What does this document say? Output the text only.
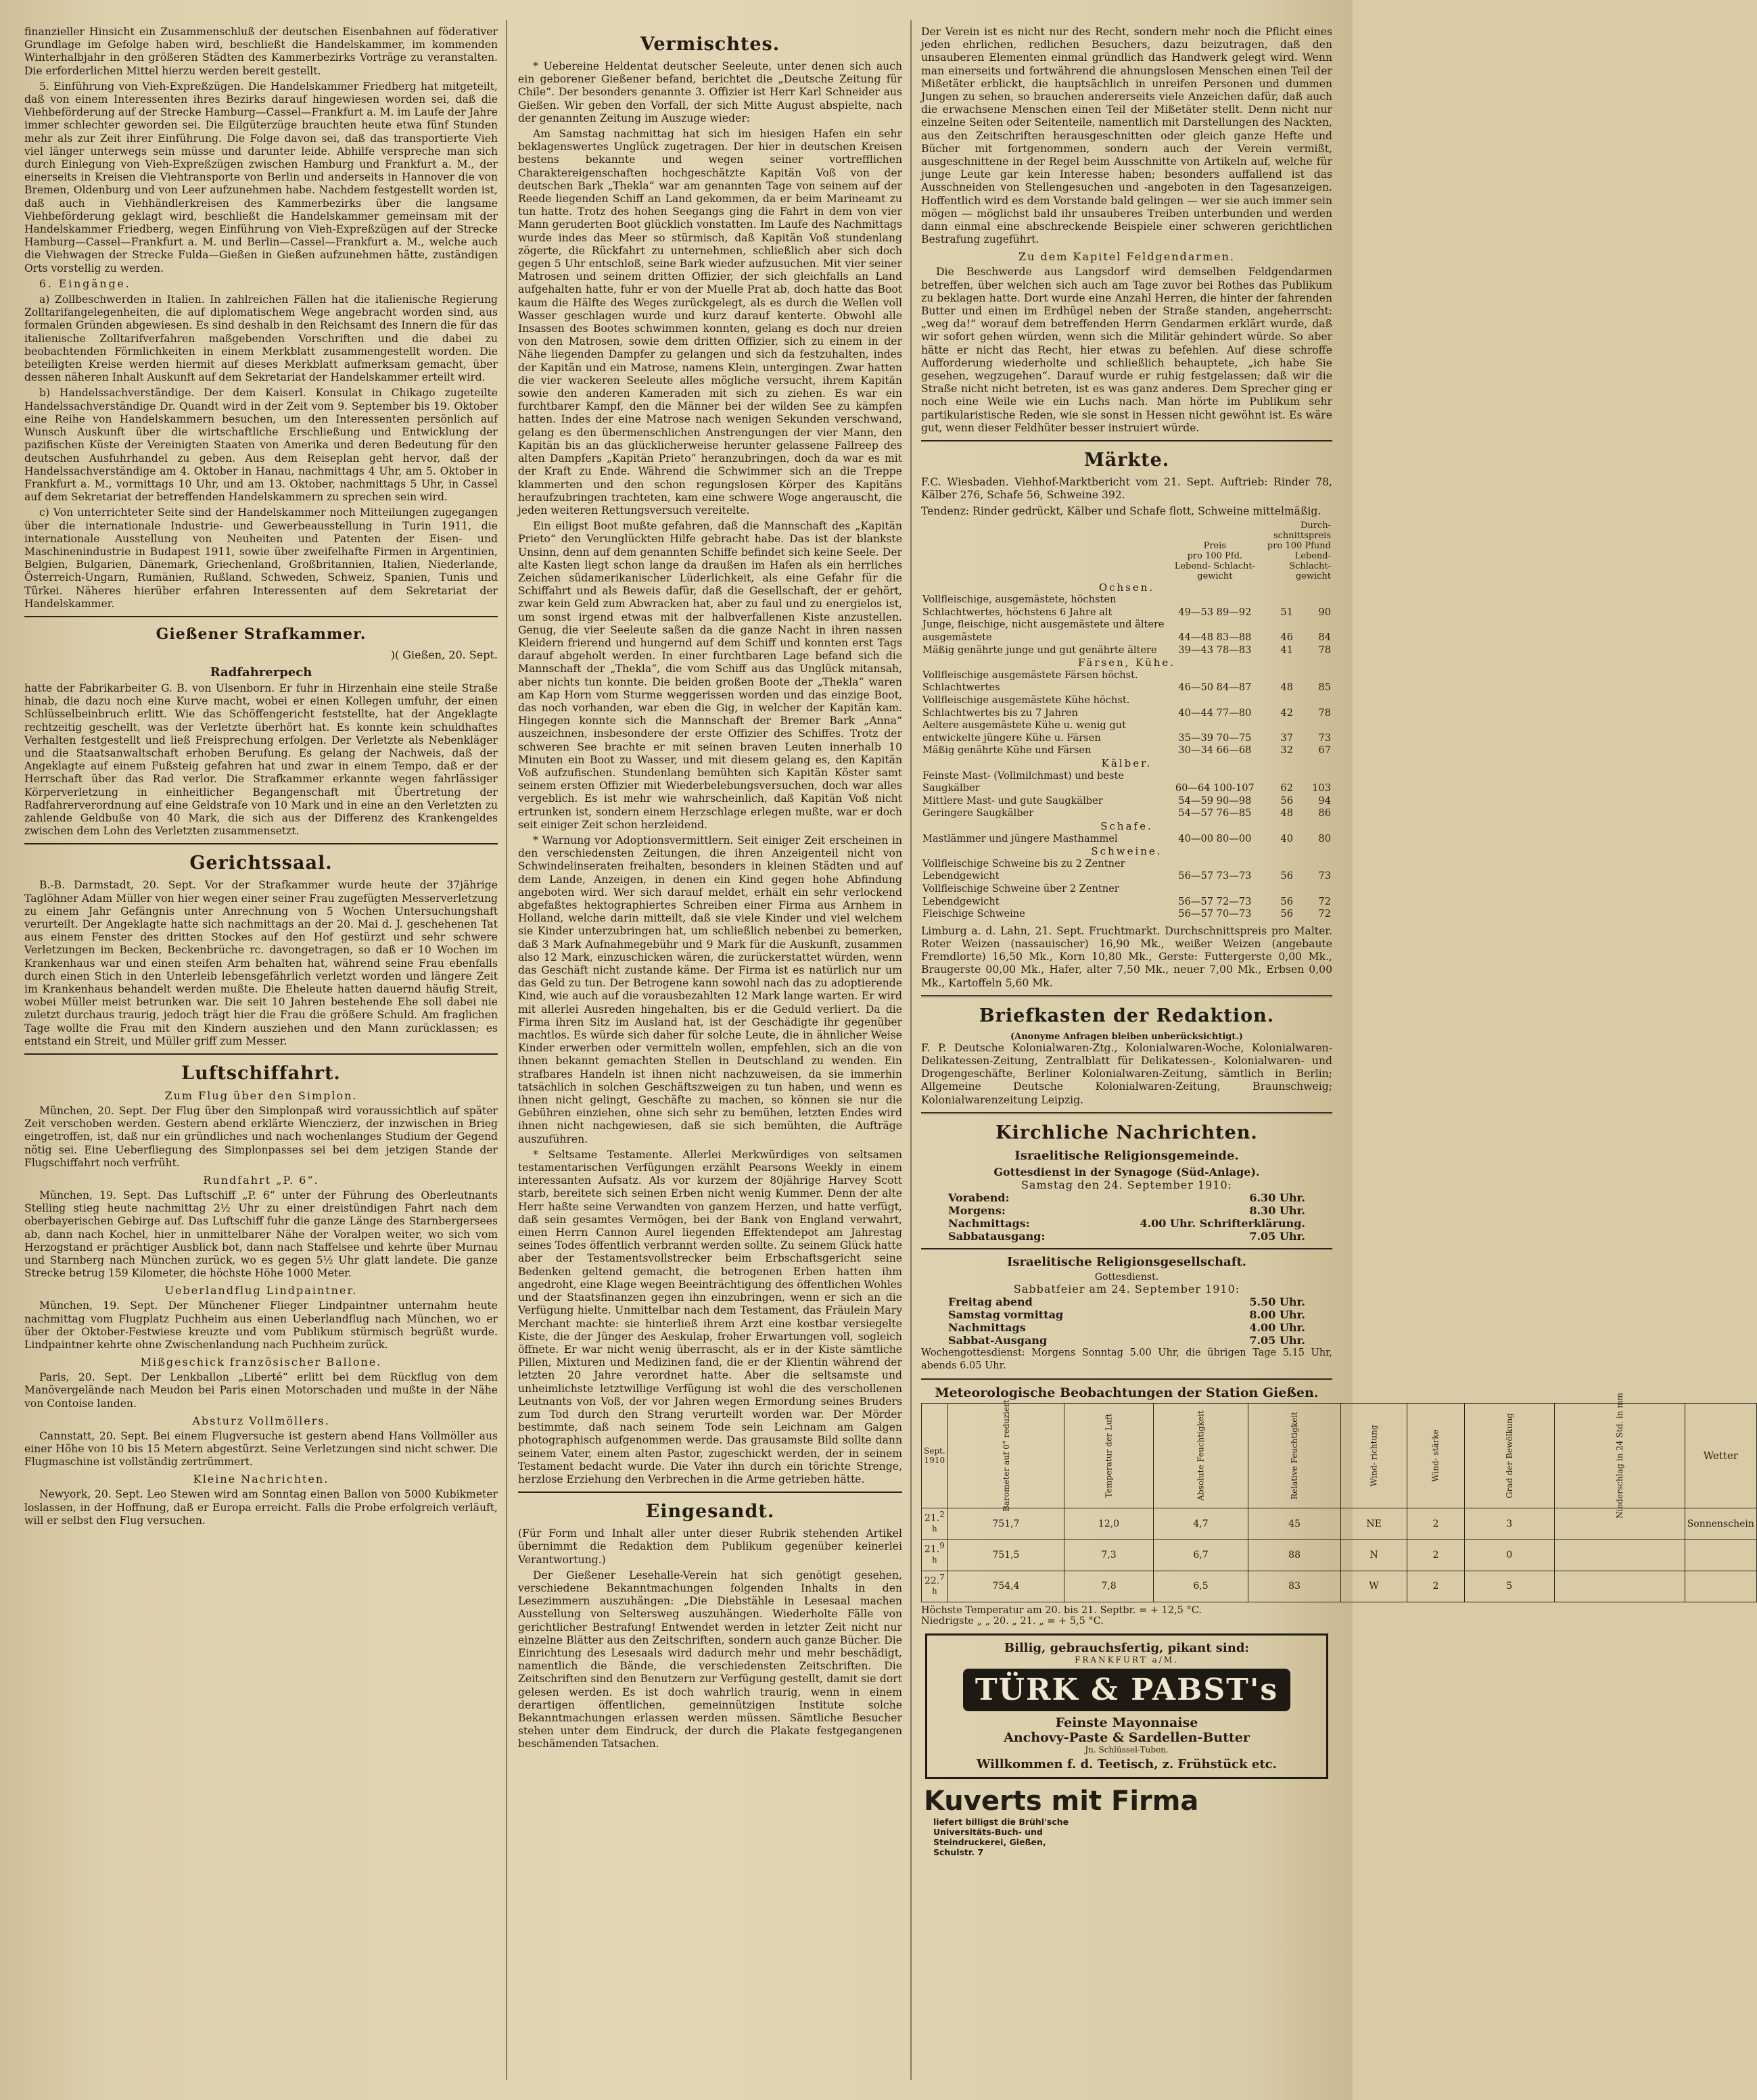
finanzieller Hinsicht ein Zusammenschluß der deutschen Eisenbahnen auf föderativer Grundlage im Gefolge haben wird, beschließt die Handelskammer, im kommenden Winterhalbjahr in den größeren Städten des Kammerbezirks Vorträge zu veranstalten. Die erforderlichen Mittel hierzu werden bereit gestellt.

5. Einführung von Vieh-Expreßzügen. Die Handelskammer Friedberg hat mitgeteilt, daß von einem Interessenten ihres Bezirks darauf hingewiesen worden sei, daß die Viehbeförderung auf der Strecke Hamburg—Cassel—Frankfurt a. M. im Laufe der Jahre immer schlechter geworden sei. Die Eilgüterzüge brauchten heute etwa fünf Stunden mehr als zur Zeit ihrer Einführung. Die Folge davon sei, daß das transportierte Vieh viel länger unterwegs sein müsse und darunter leide. Abhilfe verspreche man sich durch Einlegung von Vieh-Expreßzügen zwischen Hamburg und Frankfurt a. M., der einerseits in Kreisen die Viehtransporte von Berlin und anderseits in Hannover die von Bremen, Oldenburg und von Leer aufzunehmen habe. Nachdem festgestellt worden ist, daß auch in Viehhändlerkreisen des Kammerbezirks über die langsame Viehbeförderung geklagt wird, beschließt die Handelskammer gemeinsam mit der Handelskammer Friedberg, wegen Einführung von Vieh-Expreßzügen auf der Strecke Hamburg—Cassel—Frankfurt a. M. und Berlin—Cassel—Frankfurt a. M., welche auch die Viehwagen der Strecke Fulda—Gießen in Gießen aufzunehmen hätte, zuständigen Orts vorstellig zu werden.

6. Eingänge.

a) Zollbeschwerden in Italien. In zahlreichen Fällen hat die italienische Regierung Zolltarifangelegenheiten, die auf diplomatischem Wege angebracht worden sind, aus formalen Gründen abgewiesen. Es sind deshalb in den Reichsamt des Innern die für das italienische Zolltarifverfahren maßgebenden Vorschriften und die dabei zu beobachtenden Förmlichkeiten in einem Merkblatt zusammengestellt worden. Die beteiligten Kreise werden hiermit auf dieses Merkblatt aufmerksam gemacht, über dessen näheren Inhalt Auskunft auf dem Sekretariat der Handelskammer erteilt wird.

b) Handelssachverständige. Der dem Kaiserl. Konsulat in Chikago zugeteilte Handelssachverständige Dr. Quandt wird in der Zeit vom 9. September bis 19. Oktober eine Reihe von Handelskammern besuchen, um den Interessenten persönlich auf Wunsch Auskunft über die wirtschaftliche Erschließung und Entwicklung der pazifischen Küste der Vereinigten Staaten von Amerika und deren Bedeutung für den deutschen Ausfuhrhandel zu geben. Aus dem Reiseplan geht hervor, daß der Handelssachverständige am 4. Oktober in Hanau, nachmittags 4 Uhr, am 5. Oktober in Frankfurt a. M., vormittags 10 Uhr, und am 13. Oktober, nachmittags 5 Uhr, in Cassel auf dem Sekretariat der betreffenden Handelskammern zu sprechen sein wird.

c) Von unterrichteter Seite sind der Handelskammer noch Mitteilungen zugegangen über die internationale Industrie- und Gewerbeausstellung in Turin 1911, die internationale Ausstellung von Neuheiten und Patenten der Eisen- und Maschinenindustrie in Budapest 1911, sowie über zweifelhafte Firmen in Argentinien, Belgien, Bulgarien, Dänemark, Griechenland, Großbritannien, Italien, Niederlande, Österreich-Ungarn, Rumänien, Rußland, Schweden, Schweiz, Spanien, Tunis und Türkei. Näheres hierüber erfahren Interessenten auf dem Sekretariat der Handelskammer.

Gießener Strafkammer.
)( Gießen, 20. Sept.
Radfahrerpech

hatte der Fabrikarbeiter G. B. von Ulsenborn. Er fuhr in Hirzenhain eine steile Straße hinab, die dazu noch eine Kurve macht, wobei er einen Kollegen umfuhr, der einen Schlüsselbeinbruch erlitt. Wie das Schöffengericht feststellte, hat der Angeklagte rechtzeitig geschellt, was der Verletzte überhört hat. Es konnte kein schuldhaftes Verhalten festgestellt und ließ Freisprechung erfolgen. Der Verletzte als Nebenkläger und die Staatsanwaltschaft erhoben Berufung. Es gelang der Nachweis, daß der Angeklagte auf einem Fußsteig gefahren hat und zwar in einem Tempo, daß er der Herrschaft über das Rad verlor. Die Strafkammer erkannte wegen fahrlässiger Körperverletzung in einheitlicher Begangenschaft mit Übertretung der Radfahrerverordnung auf eine Geldstrafe von 10 Mark und in eine an den Verletzten zu zahlende Geldbuße von 40 Mark, die sich aus der Differenz des Krankengeldes zwischen dem Lohn des Verletzten zusammensetzt.

Gerichtssaal.

B.-B. Darmstadt, 20. Sept. Vor der Strafkammer wurde heute der 37jährige Taglöhner Adam Müller von hier wegen einer seiner Frau zugefügten Messerverletzung zu einem Jahr Gefängnis unter Anrechnung von 5 Wochen Untersuchungshaft verurteilt. Der Angeklagte hatte sich nachmittags an der 20. Mai d. J. geschehenen Tat aus einem Fenster des dritten Stockes auf den Hof gestürzt und sehr schwere Verletzungen im Becken, Beckenbrüche rc. davongetragen, so daß er 10 Wochen im Krankenhaus war und einen steifen Arm behalten hat, während seine Frau ebenfalls durch einen Stich in den Unterleib lebensgefährlich verletzt worden und längere Zeit im Krankenhaus behandelt werden mußte. Die Eheleute hatten dauernd häufig Streit, wobei Müller meist betrunken war. Die seit 10 Jahren bestehende Ehe soll dabei nie zuletzt durchaus traurig, jedoch trägt hier die Frau die größere Schuld. Am fraglichen Tage wollte die Frau mit den Kindern ausziehen und den Mann zurücklassen; es entstand ein Streit, und Müller griff zum Messer.

Luftschiffahrt.
Zum Flug über den Simplon.

München, 20. Sept. Der Flug über den Simplonpaß wird voraussichtlich auf später Zeit verschoben werden. Gestern abend erklärte Wienczierz, der inzwischen in Brieg eingetroffen, ist, daß nur ein gründliches und nach wochenlanges Studium der Gegend nötig sei. Eine Ueberfliegung des Simplonpasses sei bei dem jetzigen Stande der Flugschiffahrt noch verfrüht.

Rundfahrt „P. 6“.

München, 19. Sept. Das Luftschiff „P. 6“ unter der Führung des Oberleutnants Stelling stieg heute nachmittag 2½ Uhr zu einer dreistündigen Fahrt nach dem oberbayerischen Gebirge auf. Das Luftschiff fuhr die ganze Länge des Starnbergersees ab, dann nach Kochel, hier in unmittelbarer Nähe der Voralpen weiter, wo sich vom Herzogstand er prächtiger Ausblick bot, dann nach Staffelsee und kehrte über Murnau und Starnberg nach München zurück, wo es gegen 5½ Uhr glatt landete. Die ganze Strecke betrug 159 Kilometer, die höchste Höhe 1000 Meter.

Ueberlandflug Lindpaintner.

München, 19. Sept. Der Münchener Flieger Lindpaintner unternahm heute nachmittag vom Flugplatz Puchheim aus einen Ueberlandflug nach München, wo er über der Oktober-Festwiese kreuzte und vom Publikum stürmisch begrüßt wurde. Lindpaintner kehrte ohne Zwischenlandung nach Puchheim zurück.

Mißgeschick französischer Ballone.

Paris, 20. Sept. Der Lenkballon „Liberté“ erlitt bei dem Rückflug von dem Manövergelände nach Meudon bei Paris einen Motorschaden und mußte in der Nähe von Contoise landen.

Absturz Vollmöllers.

Cannstatt, 20. Sept. Bei einem Flugversuche ist gestern abend Hans Vollmöller aus einer Höhe von 10 bis 15 Metern abgestürzt. Seine Verletzungen sind nicht schwer. Die Flugmaschine ist vollständig zertrümmert.

Kleine Nachrichten.

Newyork, 20. Sept. Leo Stewen wird am Sonntag einen Ballon von 5000 Kubikmeter loslassen, in der Hoffnung, daß er Europa erreicht. Falls die Probe erfolgreich verläuft, will er selbst den Flug versuchen.

Vermischtes.

* Uebereine Heldentat deutscher Seeleute, unter denen sich auch ein geborener Gießener befand, berichtet die „Deutsche Zeitung für Chile“. Der besonders genannte 3. Offizier ist Herr Karl Schneider aus Gießen. Wir geben den Vorfall, der sich Mitte August abspielte, nach der genannten Zeitung im Auszuge wieder:

Am Samstag nachmittag hat sich im hiesigen Hafen ein sehr beklagenswertes Unglück zugetragen. Der hier in deutschen Kreisen bestens bekannte und wegen seiner vortrefflichen Charaktereigenschaften hochgeschätzte Kapitän Voß von der deutschen Bark „Thekla“ war am genannten Tage von seinem auf der Reede liegenden Schiff an Land gekommen, da er beim Marineamt zu tun hatte. Trotz des hohen Seegangs ging die Fahrt in dem von vier Mann geruderten Boot glücklich vonstatten. Im Laufe des Nachmittags wurde indes das Meer so stürmisch, daß Kapitän Voß stundenlang zögerte, die Rückfahrt zu unternehmen, schließlich aber sich doch gegen 5 Uhr entschloß, seine Bark wieder aufzusuchen. Mit vier seiner Matrosen und seinem dritten Offizier, der sich gleichfalls an Land aufgehalten hatte, fuhr er von der Muelle Prat ab, doch hatte das Boot kaum die Hälfte des Weges zurückgelegt, als es durch die Wellen voll Wasser geschlagen wurde und kurz darauf kenterte. Obwohl alle Insassen des Bootes schwimmen konnten, gelang es doch nur dreien von den Matrosen, sowie dem dritten Offizier, sich zu einem in der Nähe liegenden Dampfer zu gelangen und sich da festzuhalten, indes der Kapitän und ein Matrose, namens Klein, untergingen. Zwar hatten die vier wackeren Seeleute alles mögliche versucht, ihrem Kapitän sowie den anderen Kameraden mit sich zu ziehen. Es war ein furchtbarer Kampf, den die Männer bei der wilden See zu kämpfen hatten. Indes der eine Matrose nach wenigen Sekunden verschwand, gelang es den übermenschlichen Anstrengungen der vier Mann, den Kapitän bis an das glücklicherweise herunter gelassene Fallreep des alten Dampfers „Kapitän Prieto“ heranzubringen, doch da war es mit der Kraft zu Ende. Während die Schwimmer sich an die Treppe klammerten und den schon regungslosen Körper des Kapitäns heraufzubringen trachteten, kam eine schwere Woge angerauscht, die jeden weiteren Rettungsversuch vereitelte.

Ein eiligst Boot mußte gefahren, daß die Mannschaft des „Kapitän Prieto“ den Verunglückten Hilfe gebracht habe. Das ist der blankste Unsinn, denn auf dem genannten Schiffe befindet sich keine Seele. Der alte Kasten liegt schon lange da draußen im Hafen als ein herrliches Zeichen südamerikanischer Lüderlichkeit, als eine Gefahr für die Schiffahrt und als Beweis dafür, daß die Gesellschaft, der er gehört, zwar kein Geld zum Abwracken hat, aber zu faul und zu energielos ist, um sonst irgend etwas mit der halbverfallenen Kiste anzustellen. Genug, die vier Seeleute saßen da die ganze Nacht in ihren nassen Kleidern frierend und hungernd auf dem Schiff und konnten erst Tags darauf abgeholt werden. In einer furchtbaren Lage befand sich die Mannschaft der „Thekla“, die vom Schiff aus das Unglück mitansah, aber nichts tun konnte. Die beiden großen Boote der „Thekla“ waren am Kap Horn vom Sturme weggerissen worden und das einzige Boot, das noch vorhanden, war eben die Gig, in welcher der Kapitän kam. Hingegen konnte sich die Mannschaft der Bremer Bark „Anna“ auszeichnen, insbesondere der erste Offizier des Schiffes. Trotz der schweren See brachte er mit seinen braven Leuten innerhalb 10 Minuten ein Boot zu Wasser, und mit diesem gelang es, den Kapitän Voß aufzufischen. Stundenlang bemühten sich Kapitän Köster samt seinem ersten Offizier mit Wiederbelebungsversuchen, doch war alles vergeblich. Es ist mehr wie wahrscheinlich, daß Kapitän Voß nicht ertrunken ist, sondern einem Herzschlage erlegen mußte, war er doch seit einiger Zeit schon herzleidend.

* Warnung vor Adoptionsvermittlern. Seit einiger Zeit erscheinen in den verschiedensten Zeitungen, die ihren Anzeigenteil nicht von Schwindelinseraten freihalten, besonders in kleinen Städten und auf dem Lande, Anzeigen, in denen ein Kind gegen hohe Abfindung angeboten wird. Wer sich darauf meldet, erhält ein sehr verlockend abgefaßtes hektographiertes Schreiben einer Firma aus Arnhem in Holland, welche darin mitteilt, daß sie viele Kinder und viel welchem sie Kinder unterzubringen hat, um schließlich nebenbei zu bemerken, daß 3 Mark Aufnahmegebühr und 9 Mark für die Auskunft, zusammen also 12 Mark, einzuschicken wären, die zurückerstattet würden, wenn das Geschäft nicht zustande käme. Der Firma ist es natürlich nur um das Geld zu tun. Der Betrogene kann sowohl nach das zu adoptierende Kind, wie auch auf die vorausbezahlten 12 Mark lange warten. Er wird mit allerlei Ausreden hingehalten, bis er die Geduld verliert. Da die Firma ihren Sitz im Ausland hat, ist der Geschädigte ihr gegenüber machtlos. Es würde sich daher für solche Leute, die in ähnlicher Weise Kinder erwerben oder vermitteln wollen, empfehlen, sich an die von ihnen bekannt gemachten Stellen in Deutschland zu wenden. Ein strafbares Handeln ist ihnen nicht nachzuweisen, da sie immerhin tatsächlich in solchen Geschäftszweigen zu tun haben, und wenn es ihnen nicht gelingt, Geschäfte zu machen, so können sie nur die Gebühren einziehen, ohne sich sehr zu bemühen, letzten Endes wird ihnen nicht nachgewiesen, daß sie sich bemühten, die Aufträge auszuführen.

* Seltsame Testamente. Allerlei Merkwürdiges von seltsamen testamentarischen Verfügungen erzählt Pearsons Weekly in einem interessanten Aufsatz. Als vor kurzem der 80jährige Harvey Scott starb, bereitete sich seinen Erben nicht wenig Kummer. Denn der alte Herr haßte seine Verwandten von ganzem Herzen, und hatte verfügt, daß sein gesamtes Vermögen, bei der Bank von England verwahrt, einen Herrn Cannon Aurel liegenden Effektendepot am Jahrestag seines Todes öffentlich verbrannt werden sollte. Zu seinem Glück hatte aber der Testamentsvollstrecker beim Erbschaftsgericht seine Bedenken geltend gemacht, die betrogenen Erben hatten ihm angedroht, eine Klage wegen Beeinträchtigung des öffentlichen Wohles und der Staatsfinanzen gegen ihn einzubringen, wenn er sich an die Verfügung hielte. Unmittelbar nach dem Testament, das Fräulein Mary Merchant machte: sie hinterließ ihrem Arzt eine kostbar versiegelte Kiste, die der Jünger des Aeskulap, froher Erwartungen voll, sogleich öffnete. Er war nicht wenig überrascht, als er in der Kiste sämtliche Pillen, Mixturen und Medizinen fand, die er der Klientin während der letzten 20 Jahre verordnet hatte. Aber die seltsamste und unheimlichste letztwillige Verfügung ist wohl die des verschollenen Leutnants von Voß, der vor Jahren wegen Ermordung seines Bruders zum Tod durch den Strang verurteilt worden war. Der Mörder bestimmte, daß nach seinem Tode sein Leichnam am Galgen photographisch aufgenommen werde. Das grausamste Bild sollte dann seinem Vater, einem alten Pastor, zugeschickt werden, der in seinem Testament bedacht wurde. Die Vater ihn durch ein törichte Strenge, herzlose Erziehung den Verbrechen in die Arme getrieben hätte.

Eingesandt.

(Für Form und Inhalt aller unter dieser Rubrik stehenden Artikel übernimmt die Redaktion dem Publikum gegenüber keinerlei Verantwortung.)

Der Gießener Lesehalle-Verein hat sich genötigt gesehen, verschiedene Bekanntmachungen folgenden Inhalts in den Lesezimmern auszuhängen: „Die Diebstähle in Lesesaal machen Ausstellung von Seltersweg auszuhängen. Wiederholte Fälle von gerichtlicher Bestrafung! Entwendet werden in letzter Zeit nicht nur einzelne Blätter aus den Zeitschriften, sondern auch ganze Bücher. Die Einrichtung des Lesesaals wird dadurch mehr und mehr beschädigt, namentlich die Bände, die verschiedensten Zeitschriften. Die Zeitschriften sind den Benutzern zur Verfügung gestellt, damit sie dort gelesen werden. Es ist doch wahrlich traurig, wenn in einem derartigen öffentlichen, gemeinnützigen Institute solche Bekanntmachungen erlassen werden müssen. Sämtliche Besucher stehen unter dem Eindruck, der durch die Plakate festgegangenen beschämenden Tatsachen.

Der Verein ist es nicht nur des Recht, sondern mehr noch die Pflicht eines jeden ehrlichen, redlichen Besuchers, dazu beizutragen, daß den unsauberen Elementen einmal gründlich das Handwerk gelegt wird. Wenn man einerseits und fortwährend die ahnungslosen Menschen einen Teil der Mißetäter erblickt, die hauptsächlich in unreifen Personen und dummen Jungen zu sehen, so brauchen andererseits viele Anzeichen dafür, daß auch die erwachsene Menschen einen Teil der Mißetäter stellt. Denn nicht nur einzelne Seiten oder Seitenteile, namentlich mit Darstellungen des Nackten, aus den Zeitschriften herausgeschnitten oder gleich ganze Hefte und Bücher mit fortgenommen, sondern auch der Verein vermißt, ausgeschnittene in der Regel beim Ausschnitte von Artikeln auf, welche für junge Leute gar kein Interesse haben; besonders auffallend ist das Ausschneiden von Stellengesuchen und -angeboten in den Tagesanzeigen. Hoffentlich wird es dem Vorstande bald gelingen — wer sie auch immer sein mögen — möglichst bald ihr unsauberes Treiben unterbunden und werden dann einmal eine abschreckende Beispiele einer schweren gerichtlichen Bestrafung zugeführt.

Zu dem Kapitel Feldgendarmen.

Die Beschwerde aus Langsdorf wird demselben Feldgendarmen betreffen, über welchen sich auch am Tage zuvor bei Rothes das Publikum zu beklagen hatte. Dort wurde eine Anzahl Herren, die hinter der fahrenden Butter und einen im Erdhügel neben der Straße standen, angeherrscht: „weg da!“ worauf dem betreffenden Herrn Gendarmen erklärt wurde, daß wir sofort gehen würden, wenn sich die Militär gehindert würde. So aber hätte er nicht das Recht, hier etwas zu befehlen. Auf diese schroffe Aufforderung wiederholte und schließlich behauptete, „ich habe Sie gesehen, wegzugehen“. Darauf wurde er ruhig festgelassen; daß wir die Straße nicht nicht betreten, ist es was ganz anderes. Dem Sprecher ging er noch eine Weile wie ein Luchs nach. Man hörte im Publikum sehr partikularistische Reden, wie sie sonst in Hessen nicht gewöhnt ist. Es wäre gut, wenn dieser Feldhüter besser instruiert würde.

Märkte.

F.C. Wiesbaden. Viehhof-Marktbericht vom 21. Sept. Auftrieb: Rinder 78, Kälber 276, Schafe 56, Schweine 392.

Tendenz: Rinder gedrückt, Kälber und Schafe flott, Schweine mittelmäßig.

	Preis
pro 100 Pfd.
Lebend- Schlacht-
gewicht	Durch- schnittspreis pro 100 Pfund Lebend- Schlacht- gewicht	
Ochsen.			
Vollfleischige, ausgemästete, höchsten Schlachtwertes, höchstens 6 Jahre alt	49—53 89—92	51	90
Junge, fleischige, nicht ausgemästete und ältere ausgemästete	44—48 83—88	46	84
Mäßig genährte junge und gut genährte ältere	39—43 78—83	41	78
Färsen, Kühe.			
Vollfleischige ausgemästete Färsen höchst. Schlachtwertes	46—50 84—87	48	85
Vollfleischige ausgemästete Kühe höchst. Schlachtwertes bis zu 7 Jahren	40—44 77—80	42	78
Aeltere ausgemästete Kühe u. wenig gut entwickelte jüngere Kühe u. Färsen	35—39 70—75	37	73
Mäßig genährte Kühe und Färsen	30—34 66—68	32	67
Kälber.			
Feinste Mast- (Vollmilchmast) und beste Saugkälber	60—64 100-107	62	103
Mittlere Mast- und gute Saugkälber	54—59 90—98	56	94
Geringere Saugkälber	54—57 76—85	48	86
Schafe.			
Mastlämmer und jüngere Masthammel	40—00 80—00	40	80
Schweine.			
Vollfleischige Schweine bis zu 2 Zentner Lebendgewicht	56—57 73—73	56	73
Vollfleischige Schweine über 2 Zentner Lebendgewicht	56—57 72—73	56	72
Fleischige Schweine	56—57 70—73	56	72

Limburg a. d. Lahn, 21. Sept. Fruchtmarkt. Durchschnittspreis pro Malter. Roter Weizen (nassauischer) 16,90 Mk., weißer Weizen (angebaute Fremdlorte) 16,50 Mk., Korn 10,80 Mk., Gerste: Futtergerste 0,00 Mk., Braugerste 00,00 Mk., Hafer, alter 7,50 Mk., neuer 7,00 Mk., Erbsen 0,00 Mk., Kartoffeln 5,60 Mk.

Briefkasten der Redaktion.
(Anonyme Anfragen bleiben unberücksichtigt.)

F. P. Deutsche Kolonialwaren-Ztg., Kolonialwaren-Woche, Kolonialwaren-Delikatessen-Zeitung, Zentralblatt für Delikatessen-, Kolonialwaren- und Drogengeschäfte, Berliner Kolonialwaren-Zeitung, sämtlich in Berlin; Allgemeine Deutsche Kolonialwaren-Zeitung, Braunschweig; Kolonialwarenzeitung Leipzig.

Kirchliche Nachrichten.
Israelitische Religionsgemeinde.
Gottesdienst in der Synagoge (Süd-Anlage).
Samstag den 24. September 1910:
Vorabend:	6.30 Uhr.
Morgens:	8.30 Uhr.
Nachmittags:	4.00 Uhr. Schrifterklärung.
Sabbatausgang:	7.05 Uhr.
Israelitische Religionsgesellschaft.
Gottesdienst.
Sabbatfeier am 24. September 1910:
Freitag abend	5.50 Uhr.
Samstag vormittag	8.00 Uhr.
Nachmittags	4.00 Uhr.
Sabbat-Ausgang	7.05 Uhr.

Wochengottesdienst: Morgens Sonntag 5.00 Uhr, die übrigen Tage 5.15 Uhr, abends 6.05 Uhr.

Meteorologische Beobachtungen der Station Gießen.
Sept. 1910	Barometer auf 0° reduziert	Temperatur der Luft	Absolute Feuchtigkeit	Relative Feuchtigkeit	Wind- richtung	Wind- stärke	Grad der Bewölkung	Niederschlag in 24 Std. in mm	Wetter
21.$^{2 h}$	751,7	12,0	4,7	45	NE	2	3		Sonnenschein
21.$^{9 h}$	751,5	7,3	6,7	88	N	2	0		
22.$^{7 h}$	754,4	7,8	6,5	83	W	2	5		
Höchste Temperatur am 20. bis 21. Septbr. = + 12,5 °C.
Niedrigste „ „ 20. „ 21. „ = + 5,5 °C.
Billig, gebrauchsfertig, pikant sind:
FRANKFURT a/M.
TÜRK & PABST's
Feinste Mayonnaise
Anchovy-Paste & Sardellen-Butter
Jn. Schlüssel-Tuben.
Willkommen f. d. Teetisch, z. Frühstück etc.
Kuverts mit Firma liefert billigst die Brühl'sche Universitäts-Buch- und Steindruckerei, Gießen, Schulstr. 7
